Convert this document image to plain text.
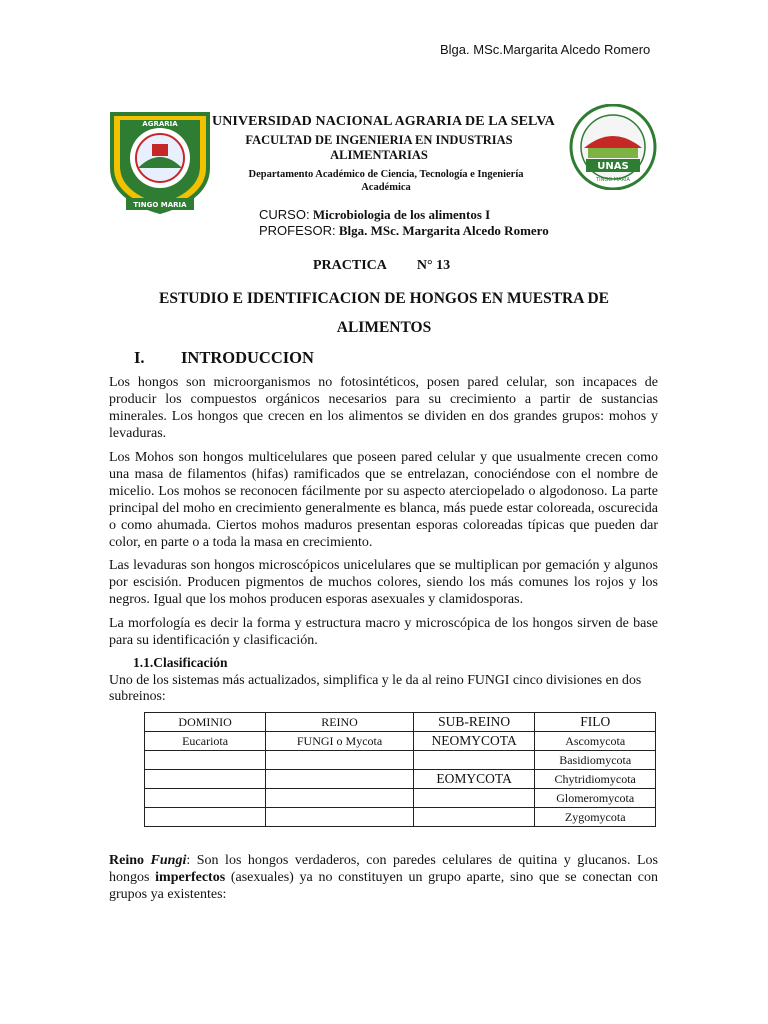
Blga. MSc.Margarita Alcedo Romero
AGRARIA
TINGO MARIA
UNAS
TINGO MARIA
UNIVERSIDAD NACIONAL AGRARIA DE LA SELVA
FACULTAD DE INGENIERIA EN INDUSTRIAS ALIMENTARIAS
Departamento Académico de Ciencia, Tecnología e Ingeniería Académica
CURSO: Microbiologia de los alimentos I
PROFESOR: Blga. MSc. Margarita Alcedo Romero
PRACTICA N° 13
ESTUDIO E IDENTIFICACION DE HONGOS EN MUESTRA DE
ALIMENTOS
I. INTRODUCCION
Los hongos son microorganismos no fotosintéticos, posen pared celular, son incapaces de producir los compuestos orgánicos necesarios para su crecimiento a partir de sustancias minerales. Los hongos que crecen en los alimentos se dividen en dos grandes grupos: mohos y levaduras.
Los Mohos son hongos multicelulares que poseen pared celular y que usualmente crecen como una masa de filamentos (hifas) ramificados que se entrelazan, conociéndose con el nombre de micelio. Los mohos se reconocen fácilmente por su aspecto aterciopelado o algodonoso. La parte principal del moho en crecimiento generalmente es blanca, más puede estar coloreada, oscurecida o como ahumada. Ciertos mohos maduros presentan esporas coloreadas típicas que pueden dar color, en parte o a toda la masa en crecimiento.
Las levaduras son hongos microscópicos unicelulares que se multiplican por gemación y algunos por escisión. Producen pigmentos de muchos colores, siendo los más comunes los rojos y los negros. Igual que los mohos producen esporas asexuales y clamidosporas.
La morfología es decir la forma y estructura macro y microscópica de los hongos sirven de base para su identificación y clasificación.
1.1.Clasificación
Uno de los sistemas más actualizados, simplifica y le da al reino FUNGI cinco divisiones en dos subreinos:
DOMINIO	REINO	SUB-REINO	FILO
Eucariota	FUNGI o Mycota	NEOMYCOTA	Ascomycota
			Basidiomycota
		EOMYCOTA	Chytridiomycota
			Glomeromycota
			Zygomycota
Reino Fungi: Son los hongos verdaderos, con paredes celulares de quitina y glucanos. Los hongos imperfectos (asexuales) ya no constituyen un grupo aparte, sino que se conectan con grupos ya existentes:
